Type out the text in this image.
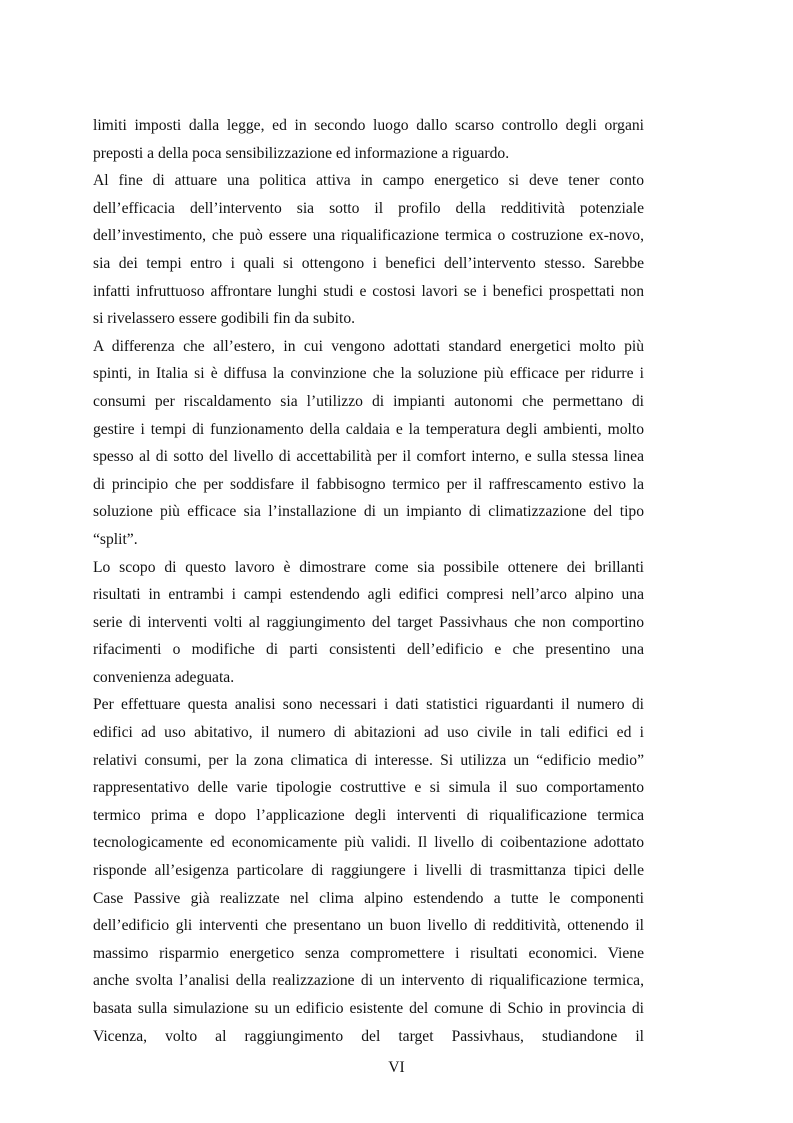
limiti imposti dalla legge, ed in secondo luogo dallo scarso controllo degli organi
preposti a della poca sensibilizzazione ed informazione a riguardo.
Al fine di attuare una politica attiva in campo energetico si deve tener conto
dell’efficacia dell’intervento sia sotto il profilo della redditività potenziale
dell’investimento, che può essere una riqualificazione termica o costruzione ex-novo,
sia dei tempi entro i quali si ottengono i benefici dell’intervento stesso. Sarebbe
infatti infruttuoso affrontare lunghi studi e costosi lavori se i benefici prospettati non
si rivelassero essere godibili fin da subito.
A differenza che all’estero, in cui vengono adottati standard energetici molto più
spinti, in Italia si è diffusa la convinzione che la soluzione più efficace per ridurre i
consumi per riscaldamento sia l’utilizzo di impianti autonomi che permettano di
gestire i tempi di funzionamento della caldaia e la temperatura degli ambienti, molto
spesso al di sotto del livello di accettabilità per il comfort interno, e sulla stessa linea
di principio che per soddisfare il fabbisogno termico per il raffrescamento estivo la
soluzione più efficace sia l’installazione di un impianto di climatizzazione del tipo
“split”.
Lo scopo di questo lavoro è dimostrare come sia possibile ottenere dei brillanti
risultati in entrambi i campi estendendo agli edifici compresi nell’arco alpino una
serie di interventi volti al raggiungimento del target Passivhaus che non comportino
rifacimenti o modifiche di parti consistenti dell’edificio e che presentino una
convenienza adeguata.
Per effettuare questa analisi sono necessari i dati statistici riguardanti il numero di
edifici ad uso abitativo, il numero di abitazioni ad uso civile in tali edifici ed i
relativi consumi, per la zona climatica di interesse. Si utilizza un “edificio medio”
rappresentativo delle varie tipologie costruttive e si simula il suo comportamento
termico prima e dopo l’applicazione degli interventi di riqualificazione termica
tecnologicamente ed economicamente più validi. Il livello di coibentazione adottato
risponde all’esigenza particolare di raggiungere i livelli di trasmittanza tipici delle
Case Passive già realizzate nel clima alpino estendendo a tutte le componenti
dell’edificio gli interventi che presentano un buon livello di redditività, ottenendo il
massimo risparmio energetico senza compromettere i risultati economici. Viene
anche svolta l’analisi della realizzazione di un intervento di riqualificazione termica,
basata sulla simulazione su un edificio esistente del comune di Schio in provincia di
Vicenza, volto al raggiungimento del target Passivhaus, studiandone il
VI
